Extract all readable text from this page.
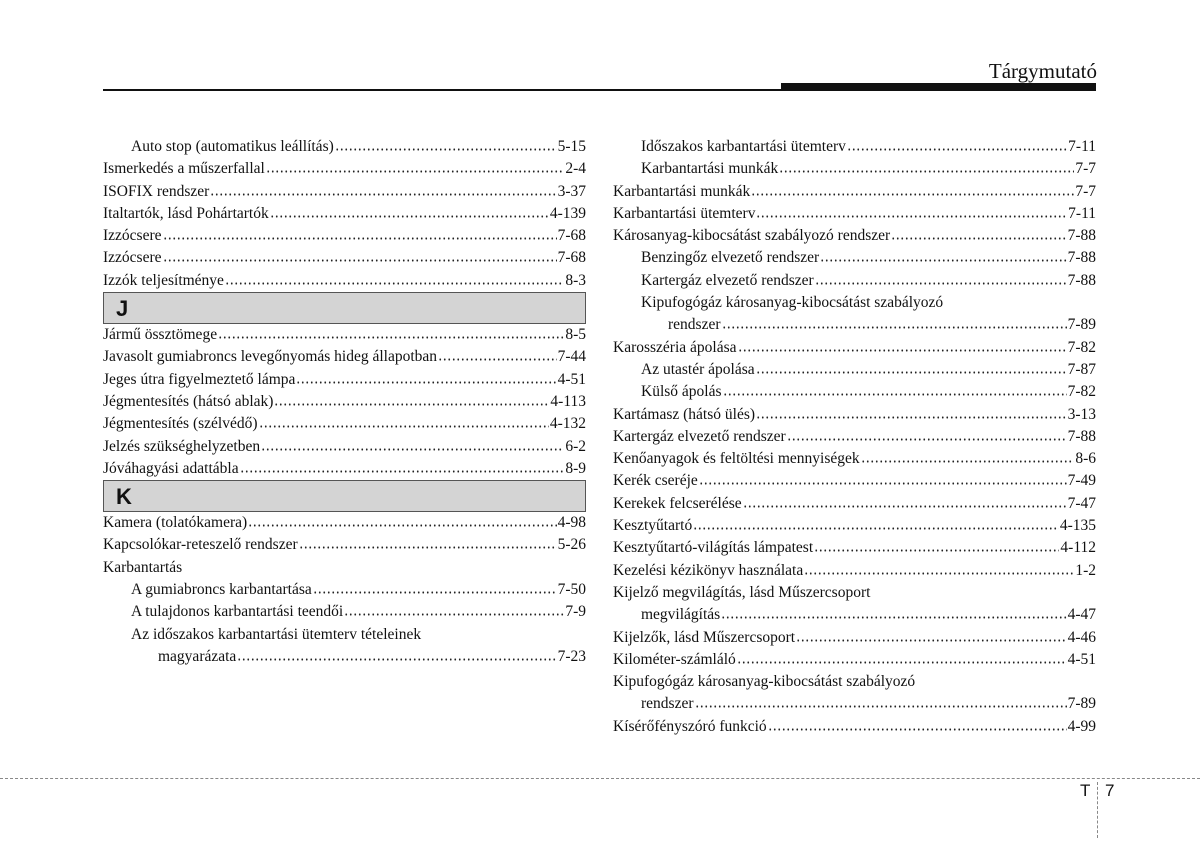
Tárgymutató
Auto stop (automatikus leállítás)	5-15
Ismerkedés a műszerfallal	2-4
ISOFIX rendszer	3-37
Italtartók, lásd Pohártartók	4-139
Izzócsere	7-68
Izzócsere	7-68
Izzók teljesítménye	8-3
J
Jármű össztömege	8-5
Javasolt gumiabroncs levegőnyomás hideg állapotban	7-44
Jeges útra figyelmeztető lámpa	4-51
Jégmentesítés (hátsó ablak)	4-113
Jégmentesítés (szélvédő)	4-132
Jelzés szükséghelyzetben	6-2
Jóváhagyási adattábla	8-9
K
Kamera (tolatókamera)	4-98
Kapcsolókar-reteszelő rendszer	5-26
Karbantartás
A gumiabroncs karbantartása	7-50
A tulajdonos karbantartási teendői	7-9
Az időszakos karbantartási ütemterv tételeinek
magyarázata	7-23
Időszakos karbantartási ütemterv	7-11
Karbantartási munkák	7-7
Karbantartási munkák	7-7
Karbantartási ütemterv	7-11
Károsanyag-kibocsátást szabályozó rendszer	7-88
Benzingőz elvezető rendszer	7-88
Kartergáz elvezető rendszer	7-88
Kipufogógáz károsanyag-kibocsátást szabályozó
rendszer	7-89
Karosszéria ápolása	7-82
Az utastér ápolása	7-87
Külső ápolás	7-82
Kartámasz (hátsó ülés)	3-13
Kartergáz elvezető rendszer	7-88
Kenőanyagok és feltöltési mennyiségek	8-6
Kerék cseréje	7-49
Kerekek felcserélése	7-47
Kesztyűtartó	4-135
Kesztyűtartó-világítás lámpatest	4-112
Kezelési kézikönyv használata	1-2
Kijelző megvilágítás, lásd Műszercsoport
megvilágítás	4-47
Kijelzők, lásd Műszercsoport	4-46
Kilométer-számláló	4-51
Kipufogógáz károsanyag-kibocsátást szabályozó
rendszer	7-89
Kísérőfényszóró funkció	4-99
T 7
